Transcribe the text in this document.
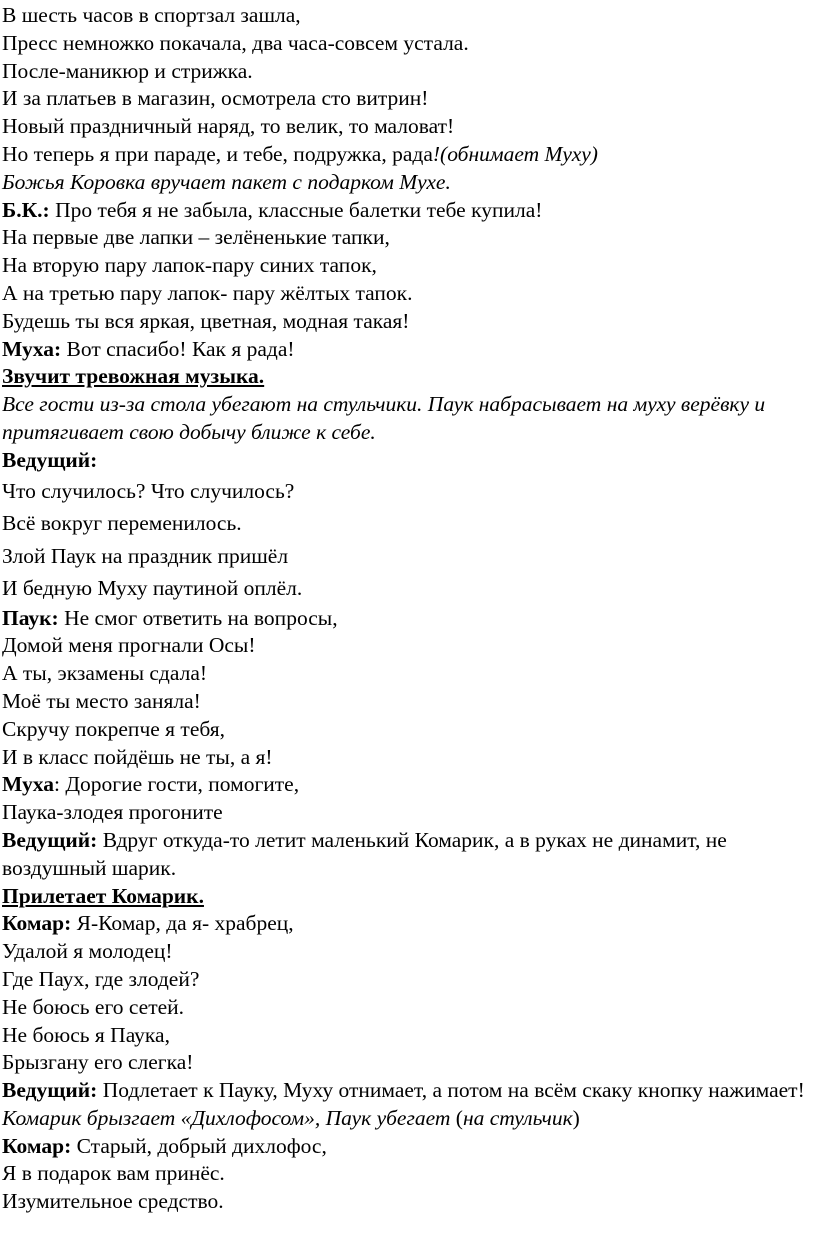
В шесть часов в спортзал зашла,
Пресс немножко покачала, два часа-совсем устала.
После-маникюр и стрижка.
И за платьев в магазин, осмотрела сто витрин!
Новый праздничный наряд, то велик, то маловат!
Но теперь я при параде, и тебе, подружка, рада!(обнимает Муху)
Божья Коровка вручает пакет с подарком Мухе.
Б.К.: Про тебя я не забыла, классные балетки тебе купила!
На первые две лапки – зелёненькие тапки,
На вторую пару лапок-пару синих тапок,
А на третью пару лапок- пару жёлтых тапок.
Будешь ты вся яркая, цветная, модная такая!
Муха: Вот спасибо! Как я рада!
Звучит тревожная музыка.
Все гости из-за стола убегают на стульчики. Паук набрасывает на муху верёвку и притягивает свою добычу ближе к себе.
Ведущий:
Что случилось? Что случилось?
Всё вокруг переменилось.
Злой Паук на праздник пришёл
И бедную Муху паутиной оплёл.
Паук: Не смог ответить на вопросы,
Домой меня прогнали Осы!
А ты, экзамены сдала!
Моё ты место заняла!
Скручу покрепче я тебя,
И в класс пойдёшь не ты, а я!
Муха: Дорогие гости, помогите,
Паука-злодея прогоните
Ведущий: Вдруг откуда-то летит маленький Комарик, а в руках не динамит, не воздушный шарик.
Прилетает Комарик.
Комар: Я-Комар, да я- храбрец,
Удалой я молодец!
Где Паух, где злодей?
Не боюсь его сетей.
Не боюсь я Паука,
Брызгану его слегка!
Ведущий: Подлетает к Пауку, Муху отнимает, а потом на всём скаку кнопку нажимает!
Комарик брызгает «Дихлофосом», Паук убегает (на стульчик)
Комар: Старый, добрый дихлофос,
Я в подарок вам принёс.
Изумительное средство.
